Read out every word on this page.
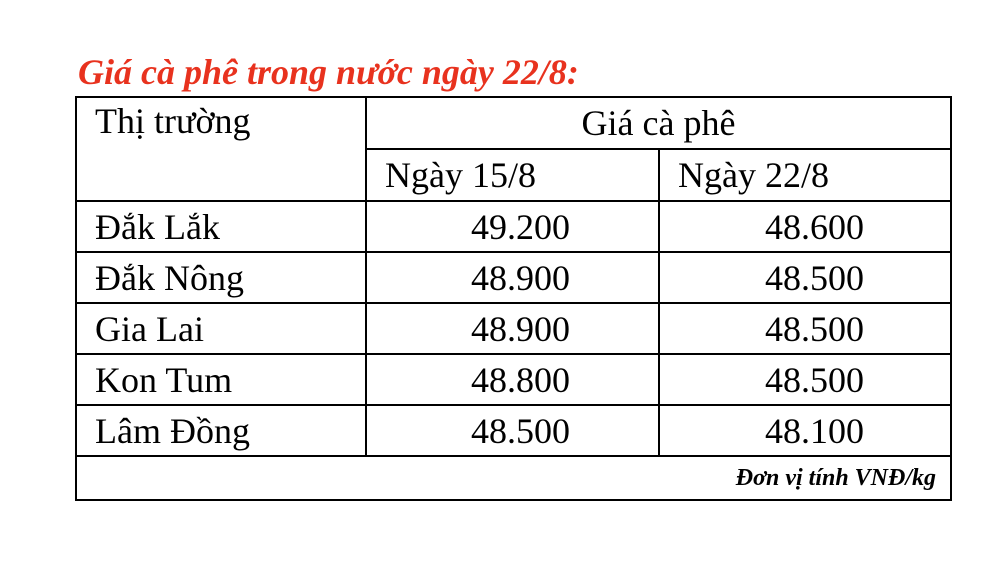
Giá cà phê trong nước ngày 22/8:
Thị trường	Giá cà phê	
	Ngày 15/8	Ngày 22/8
Đắk Lắk	49.200	48.600
Đắk Nông	48.900	48.500
Gia Lai	48.900	48.500
Kon Tum	48.800	48.500
Lâm Đồng	48.500	48.100
Đơn vị tính VNĐ/kg		
